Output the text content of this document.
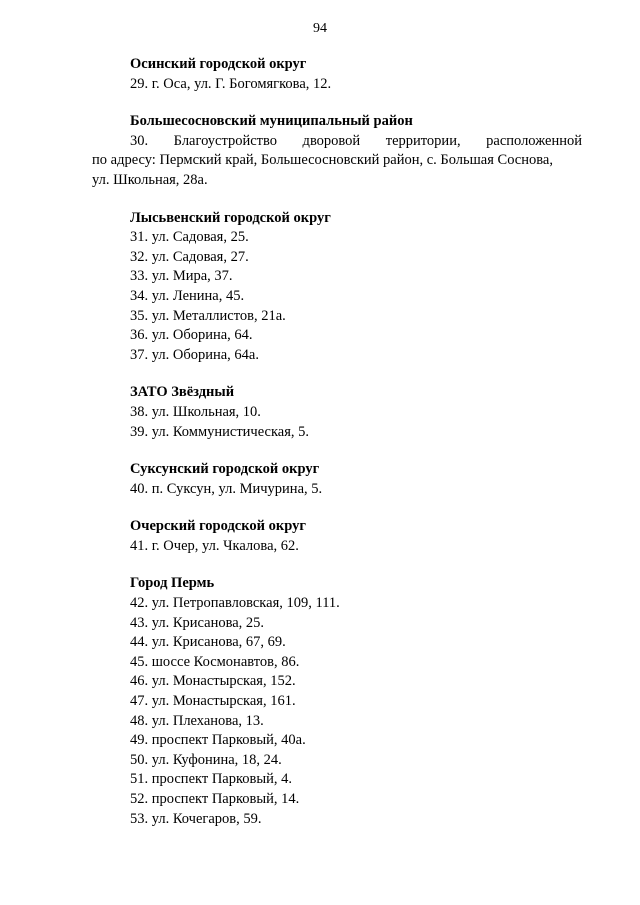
94

Осинский городской округ

29. г. Оса, ул. Г. Богомягкова, 12.

Большесосновский муниципальный район

30. Благоустройство дворовой территории, расположенной
по адресу: Пермский край, Большесосновский район, с. Большая Соснова,
ул. Школьная, 28а.

Лысьвенский городской округ

31. ул. Садовая, 25.

32. ул. Садовая, 27.

33. ул. Мира, 37.

34. ул. Ленина, 45.

35. ул. Металлистов, 21а.

36. ул. Оборина, 64.

37. ул. Оборина, 64а.

ЗАТО Звёздный

38. ул. Школьная, 10.

39. ул. Коммунистическая, 5.

Суксунский городской округ

40. п. Суксун, ул. Мичурина, 5.

Очерский городской округ

41. г. Очер, ул. Чкалова, 62.

Город Пермь

42. ул. Петропавловская, 109, 111.

43. ул. Крисанова, 25.

44. ул. Крисанова, 67, 69.

45. шоссе Космонавтов, 86.

46. ул. Монастырская, 152.

47. ул. Монастырская, 161.

48. ул. Плеханова, 13.

49. проспект Парковый, 40а.

50. ул. Куфонина, 18, 24.

51. проспект Парковый, 4.

52. проспект Парковый, 14.

53. ул. Кочегаров, 59.
